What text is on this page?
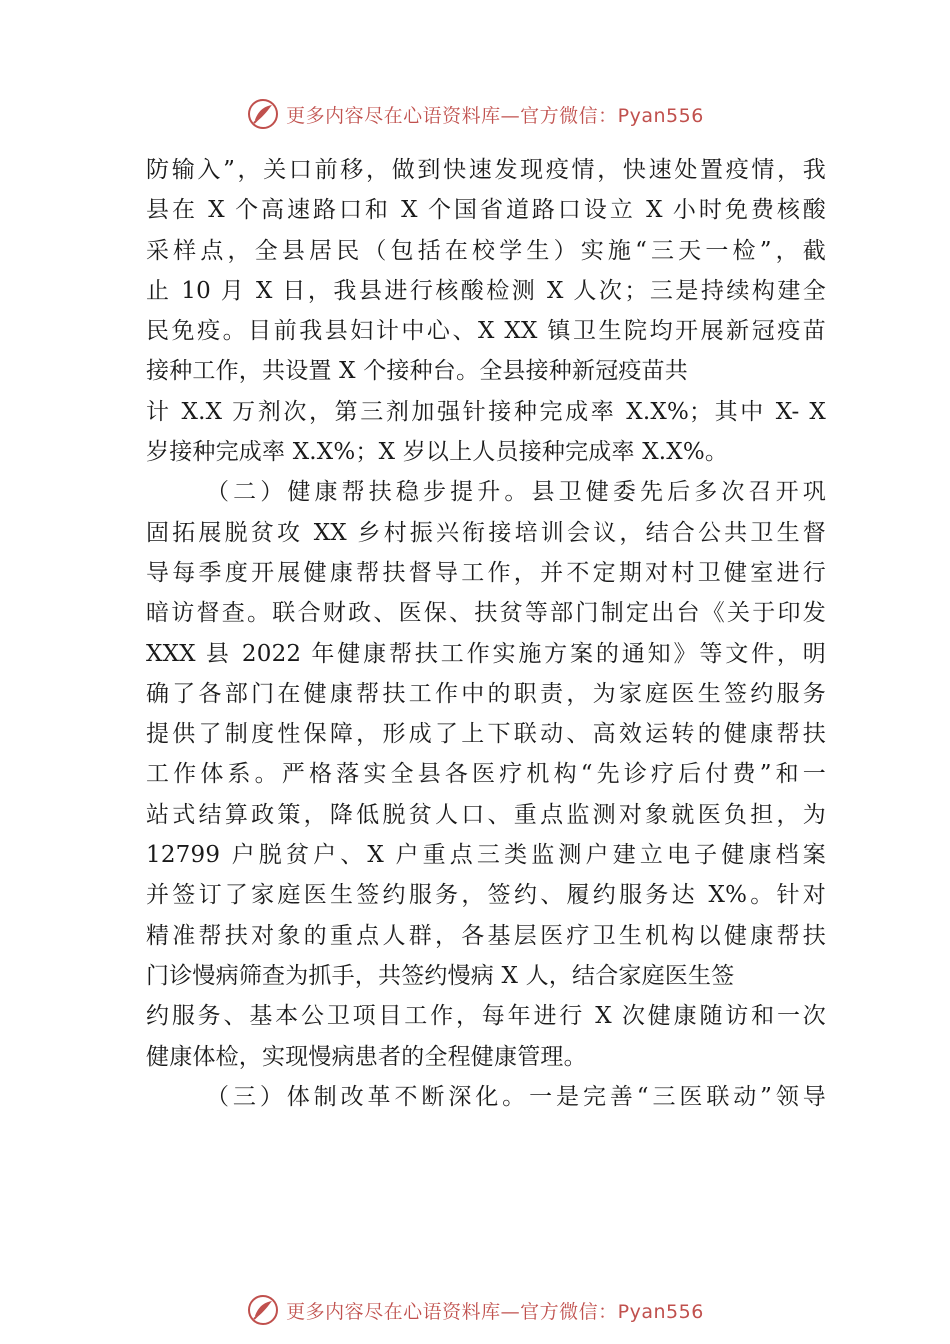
更多内容尽在心语资料库—官方微信：Pyan556
防输入”，关口前移，做到快速发现疫情，快速处置疫情，我
县在 X 个高速路口和 X 个国省道路口设立 X 小时免费核酸
采样点，全县居民（包括在校学生）实施“三天一检”，截
止 10 月 X 日，我县进行核酸检测 X 人次；三是持续构建全
民免疫。目前我县妇计中心、X XX 镇卫生院均开展新冠疫苗
接种工作，共设置 X 个接种台。全县接种新冠疫苗共
计 X.X 万剂次，第三剂加强针接种完成率 X.X%；其中 X- X
岁接种完成率 X.X%；X 岁以上人员接种完成率 X.X%。
（二）健康帮扶稳步提升。县卫健委先后多次召开巩
固拓展脱贫攻 XX 乡村振兴衔接培训会议，结合公共卫生督
导每季度开展健康帮扶督导工作，并不定期对村卫健室进行
暗访督查。联合财政、医保、扶贫等部门制定出台《关于印发
XXX 县 2022 年健康帮扶工作实施方案的通知》等文件，明
确了各部门在健康帮扶工作中的职责，为家庭医生签约服务
提供了制度性保障，形成了上下联动、高效运转的健康帮扶
工作体系。严格落实全县各医疗机构“先诊疗后付费”和一
站式结算政策，降低脱贫人口、重点监测对象就医负担，为
12799 户脱贫户、X 户重点三类监测户建立电子健康档案
并签订了家庭医生签约服务，签约、履约服务达 X%。针对
精准帮扶对象的重点人群，各基层医疗卫生机构以健康帮扶
门诊慢病筛查为抓手，共签约慢病 X 人，结合家庭医生签
约服务、基本公卫项目工作，每年进行 X 次健康随访和一次
健康体检，实现慢病患者的全程健康管理。
（三）体制改革不断深化。一是完善“三医联动”领导
更多内容尽在心语资料库—官方微信：Pyan556
